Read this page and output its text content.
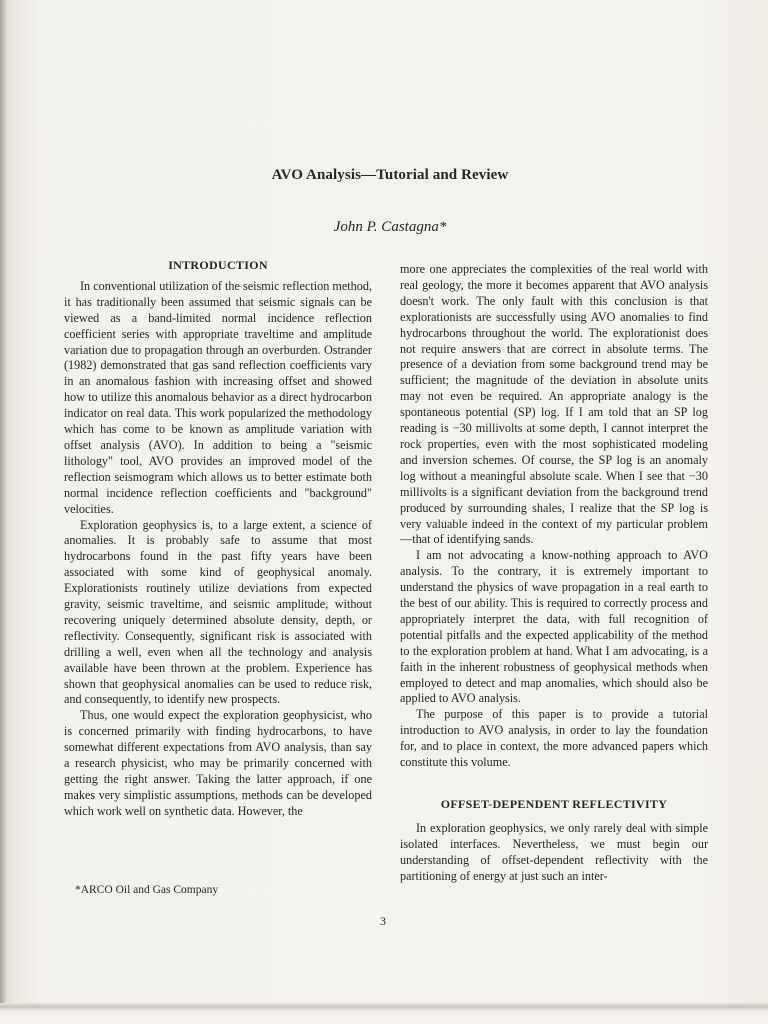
AVO Analysis—Tutorial and Review
John P. Castagna*
INTRODUCTION

In conventional utilization of the seismic reflection method, it has traditionally been assumed that seismic signals can be viewed as a band-limited normal incidence reflection coefficient series with appropriate traveltime and amplitude variation due to propagation through an overburden. Ostrander (1982) demonstrated that gas sand reflection coefficients vary in an anomalous fashion with increasing offset and showed how to utilize this anomalous behavior as a direct hydrocarbon indicator on real data. This work popularized the methodology which has come to be known as amplitude variation with offset analysis (AVO). In addition to being a "seismic lithology" tool, AVO provides an improved model of the reflection seismogram which allows us to better estimate both normal incidence reflection coefficients and "background" velocities.

Exploration geophysics is, to a large extent, a science of anomalies. It is probably safe to assume that most hydrocarbons found in the past fifty years have been associated with some kind of geophysical anomaly. Explorationists routinely utilize deviations from expected gravity, seismic traveltime, and seismic amplitude, without recovering uniquely determined absolute density, depth, or reflectivity. Consequently, significant risk is associated with drilling a well, even when all the technology and analysis available have been thrown at the problem. Experience has shown that geophysical anomalies can be used to reduce risk, and consequently, to identify new prospects.

Thus, one would expect the exploration geophysicist, who is concerned primarily with finding hydrocarbons, to have somewhat different expectations from AVO analysis, than say a research physicist, who may be primarily concerned with getting the right answer. Taking the latter approach, if one makes very simplistic assumptions, methods can be developed which work well on synthetic data. However, the

more one appreciates the complexities of the real world with real geology, the more it becomes apparent that AVO analysis doesn't work. The only fault with this conclusion is that explorationists are successfully using AVO anomalies to find hydrocarbons throughout the world. The explorationist does not require answers that are correct in absolute terms. The presence of a deviation from some background trend may be sufficient; the magnitude of the deviation in absolute units may not even be required. An appropriate analogy is the spontaneous potential (SP) log. If I am told that an SP log reading is −30 millivolts at some depth, I cannot interpret the rock properties, even with the most sophisticated modeling and inversion schemes. Of course, the SP log is an anomaly log without a meaningful absolute scale. When I see that −30 millivolts is a significant deviation from the background trend produced by surrounding shales, I realize that the SP log is very valuable indeed in the context of my particular problem—that of identifying sands.

I am not advocating a know-nothing approach to AVO analysis. To the contrary, it is extremely important to understand the physics of wave propagation in a real earth to the best of our ability. This is required to correctly process and appropriately interpret the data, with full recognition of potential pitfalls and the expected applicability of the method to the exploration problem at hand. What I am advocating, is a faith in the inherent robustness of geophysical methods when employed to detect and map anomalies, which should also be applied to AVO analysis.

The purpose of this paper is to provide a tutorial introduction to AVO analysis, in order to lay the foundation for, and to place in context, the more advanced papers which constitute this volume.

OFFSET-DEPENDENT REFLECTIVITY

In exploration geophysics, we only rarely deal with simple isolated interfaces. Nevertheless, we must begin our understanding of offset-dependent reflectivity with the partitioning of energy at just such an inter-

*ARCO Oil and Gas Company
3
